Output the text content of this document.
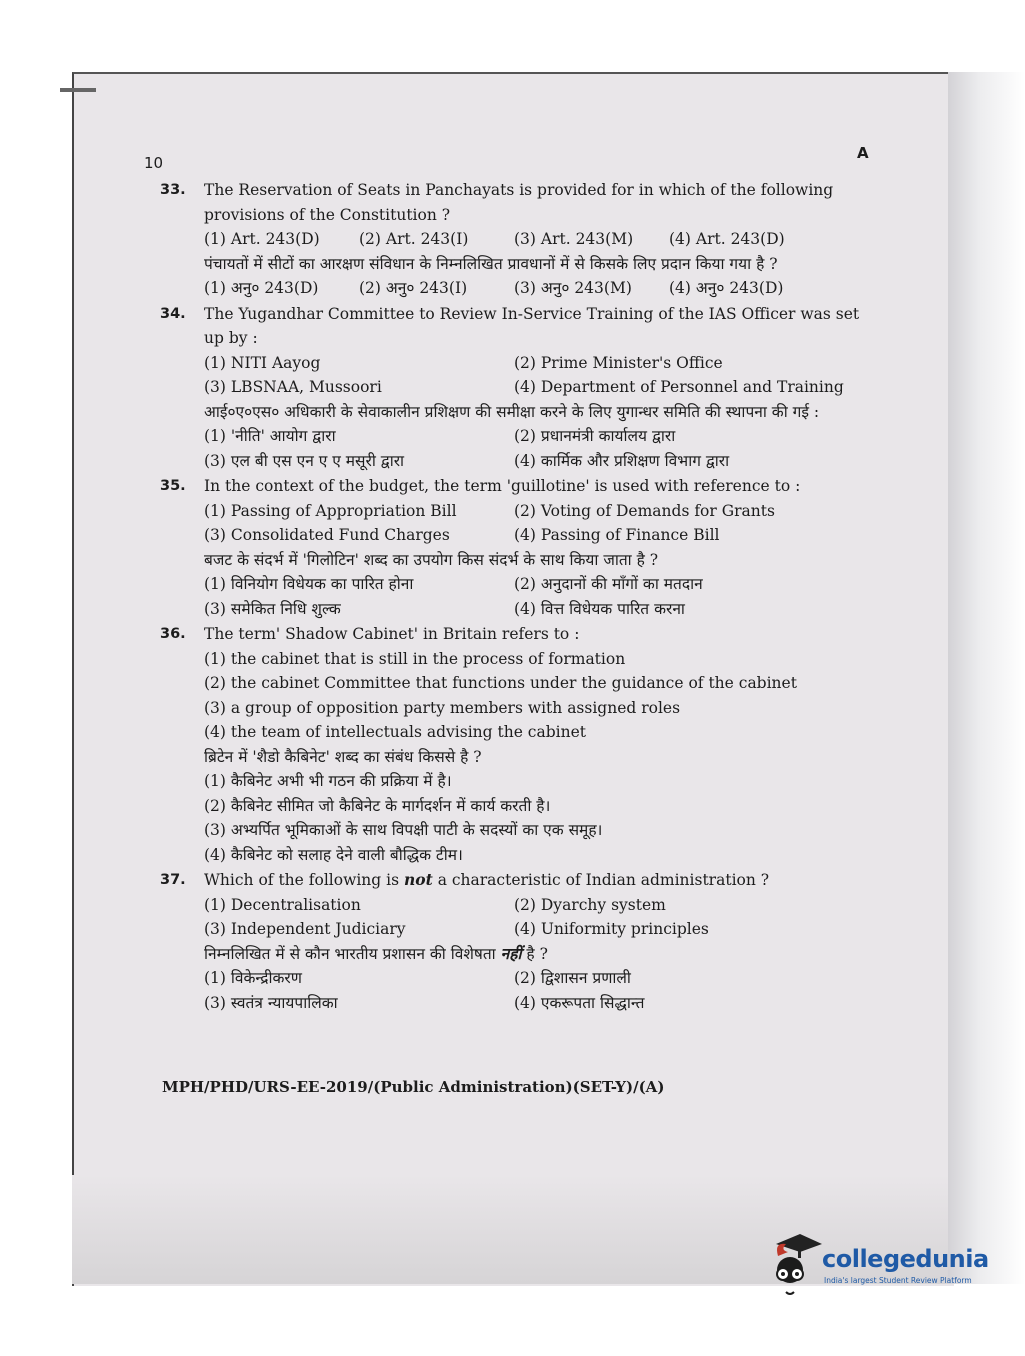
10
A
33. The Reservation of Seats in Panchayats is provided for in which of the following provisions of the Constitution ?
(1) Art. 243(D)	(2) Art. 243(I)	(3) Art. 243(M)	(4) Art. 243(D)
पंचायतों में सीटों का आरक्षण संविधान के निम्नलिखित प्रावधानों में से किसके लिए प्रदान किया गया है ?
(1) अनु० 243(D)	(2) अनु० 243(I)	(3) अनु० 243(M)	(4) अनु० 243(D)
34. The Yugandhar Committee to Review In-Service Training of the IAS Officer was set up by :
(1) NITI Aayog	(2) Prime Minister's Office
(3) LBSNAA, Mussoori	(4) Department of Personnel and Training
आई०ए०एस० अधिकारी के सेवाकालीन प्रशिक्षण की समीक्षा करने के लिए युगान्धर समिति की स्थापना की गई :
(1) 'नीति' आयोग द्वारा	(2) प्रधानमंत्री कार्यालय द्वारा
(3) एल बी एस एन ए ए मसूरी द्वारा	(4) कार्मिक और प्रशिक्षण विभाग द्वारा
35. In the context of the budget, the term 'guillotine' is used with reference to :
(1) Passing of Appropriation Bill	(2) Voting of Demands for Grants
(3) Consolidated Fund Charges	(4) Passing of Finance Bill
बजट के संदर्भ में 'गिलोटिन' शब्द का उपयोग किस संदर्भ के साथ किया जाता है ?
(1) विनियोग विधेयक का पारित होना	(2) अनुदानों की माँगों का मतदान
(3) समेकित निधि शुल्क	(4) वित्त विधेयक पारित करना
36. The term' Shadow Cabinet' in Britain refers to :
(1) the cabinet that is still in the process of formation
(2) the cabinet Committee that functions under the guidance of the cabinet
(3) a group of opposition party members with assigned roles
(4) the team of intellectuals advising the cabinet
ब्रिटेन में 'शैडो कैबिनेट' शब्द का संबंध किससे है ?
(1) कैबिनेट अभी भी गठन की प्रक्रिया में है।
(2) कैबिनेट सीमित जो कैबिनेट के मार्गदर्शन में कार्य करती है।
(3) अभ्यर्पित भूमिकाओं के साथ विपक्षी पाटी के सदस्यों का एक समूह।
(4) कैबिनेट को सलाह देने वाली बौद्धिक टीम।
37. Which of the following is not a characteristic of Indian administration ?
(1) Decentralisation	(2) Dyarchy system
(3) Independent Judiciary	(4) Uniformity principles
निम्नलिखित में से कौन भारतीय प्रशासन की विशेषता नहीं है ?
(1) विकेन्द्रीकरण	(2) द्विशासन प्रणाली
(3) स्वतंत्र न्यायपालिका	(4) एकरूपता सिद्धान्त
MPH/PHD/URS-EE-2019/(Public Administration)(SET-Y)/(A)
collegedunia
India's largest Student Review Platform
